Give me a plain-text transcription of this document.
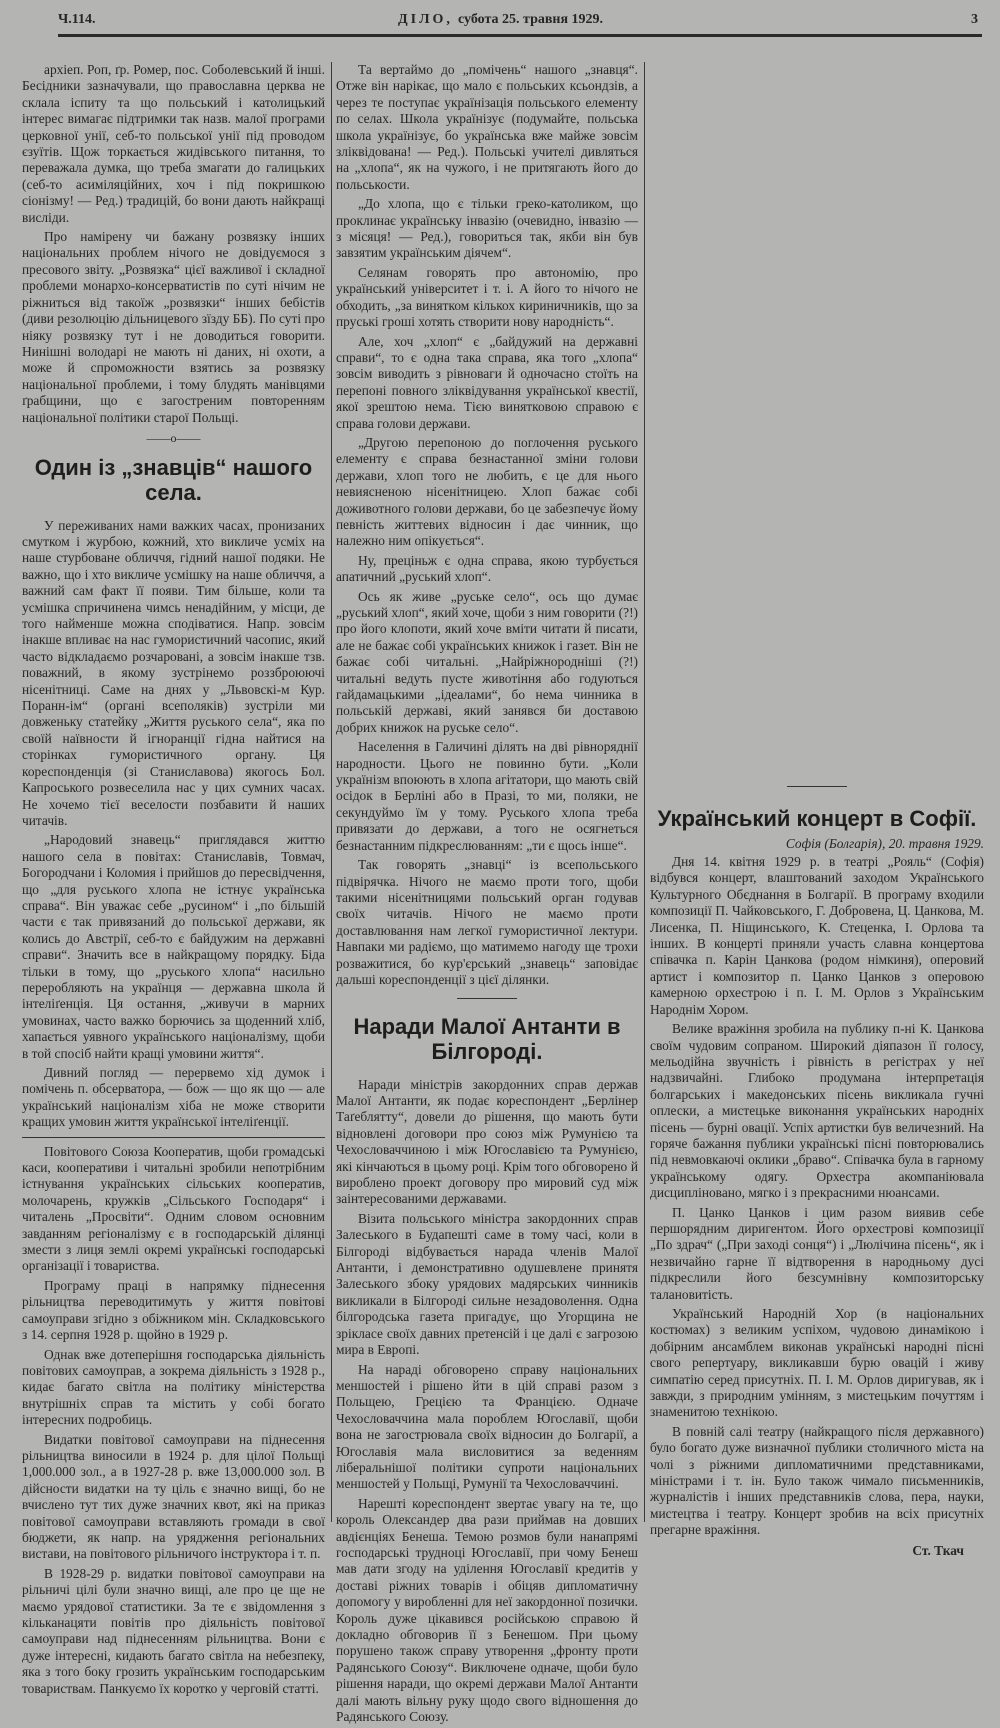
Ч.114.	ДІЛО, субота 25. травня 1929.	3

архіеп. Роп, ґр. Ромер, пос. Соболевський й інші. Бесідники зазначували, що православна церква не склала іспиту та що польський і католицький інтерес вимагає підтримки так назв. малої програми церковної унії, себ-то польської унії під проводом єзуїтів. Щож торкається жидівського питання, то переважала думка, що треба змагати до галицьких (себ-то асиміляційних, хоч і під покришкою сіонізму! — Ред.) традицій, бо вони дають найкращі висліди.

Про намірену чи бажану розвязку інших національних проблем нічого не довідуємося з пресового звіту. „Розвязка“ цієї важливої і складної проблеми монархо-консерватистів по суті нічим не ріжниться від такоїж „розвязки“ інших бебістів (диви резолюцію дільницевого зїзду ББ). По суті про ніяку розвязку тут і не доводиться говорити. Нинішні володарі не мають ні даних, ні охоти, а може й спроможности взятись за розвязку національної проблеми, і тому блудять манівцями ґрабщини, що є загостреним повторенням національної політики старої Польщі.

——o——
Один із „знавців“ нашого села.

У переживаних нами важких часах, пронизаних смутком і журбою, кожний, хто викличе усміх на наше стурбоване обличчя, гідний нашої подяки. Не важно, що і хто викличе усмішку на наше обличчя, а важний сам факт її появи. Тим більше, коли та усмішка спричинена чимсь ненадійним, у місци, де того найменше можна сподіватися. Напр. зовсім інакше впливає на нас гумористичний часопис, який часто відкладаємо розчаровані, а зовсім інакше тзв. поважний, в якому зустрінемо роззброюючі нісенітниці. Саме на днях у „Львовскі-м Кур. Поранн-ім“ (органі всеполяків) зустріли ми довженьку статейку „Життя руського села“, яка по своїй наївности й ігноранції гідна найтися на сторінках гумористичного органу. Ця кореспонденція (зі Станиславова) якогось Бол. Капроського розвеселила нас у цих сумних часах. Не хочемо тієї веселости позбавити й наших читачів.

„Народовий знавець“ приглядався життю нашого села в повітах: Станиславів, Товмач, Богородчани і Коломия і прийшов до пересвідчення, що „для руського хлопа не істнує українська справа“. Він уважає себе „русином“ і „по більшій части є так привязаний до польської держави, як колись до Австрії, себ-то є байдужим на державні справи“. Значить все в найкращому порядку. Біда тільки в тому, що „руського хлопа“ насильно переробляють на українця — державна школа й інтеліґенція. Ця остання, „живучи в марних умовинах, часто важко борючись за щоденний хліб, хапається уявного українського націоналізму, щоби в той спосіб найти кращі умовини життя“.

Дивний погляд — перервемо хід думок і помічень п. обсерватора, — бож — що як що — але український націоналізм хіба не може створити кращих умовин життя української інтеліґенції.

Повітового Союза Кооператив, щоби громадські каси, кооперативи і читальні зробили непотрібним істнування українських сільських кооператив, молочарень, кружків „Сільського Господаря“ і читалень „Просвіти“. Одним словом основним завданням регіоналізму є в господарській ділянці змести з лиця землі окремі українські господарські організації і товариства.

Програму праці в напрямку піднесення рільництва переводитимуть у життя повітові самоуправи згідно з обіжником мін. Складковського з 14. серпня 1928 р. щойно в 1929 р.

Однак вже дотеперішня господарська діяльність повітових самоуправ, а зокрема діяльність з 1928 р., кидає багато світла на політику міністерства внутрішніх справ та містить у собі богато інтересних подробиць.

Видатки повітової самоуправи на піднесення рільництва виносили в 1924 р. для цілої Польщі 1,000.000 зол., а в 1927-28 р. вже 13,000.000 зол. В дійсности видатки на ту ціль є значно вищі, бо не вчислено тут тих дуже значних квот, які на приказ повітової самоуправи вставляють громади в свої бюджети, як напр. на урядження регіональних вистави, на повітового рільничого інструктора і т. п.

В 1928-29 р. видатки повітової самоуправи на рільничі цілі були значно вищі, але про це ще не маємо урядової статистики. За те є звідомлення з кільканацяти повітів про діяльність повітової самоуправи над піднесенням рільництва. Вони є дуже інтересні, кидають багато світла на небезпеку, яка з того боку грозить українським господарським товариствам. Панкуємо їх коротко у черговій статті.

Та вертаймо до „помічень“ нашого „знавця“. Отже він нарікає, що мало є польських ксьондзів, а через те поступає українізація польського елементу по селах. Школа українізує (подумайте, польська школа українізує, бо українська вже майже зовсім зліквідована! — Ред.). Польські учителі дивляться на „хлопа“, як на чужого, і не притягають його до польськости.

„До хлопа, що є тільки греко-католиком, що проклинає українську інвазію (очевидно, інвазію — з місяця! — Ред.), говориться так, якби він був завзятим українським діячем“.

Селянам говорять про автономію, про український університет і т. і. А його то нічого не обходить, „за винятком кількох кириничників, що за пруські гроші хотять створити нову народність“.

Але, хоч „хлоп“ є „байдужий на державні справи“, то є одна така справа, яка того „хлопа“ зовсім виводить з рівноваги й одночасно стоїть на перепоні повного зліквідування української квестії, якої зрештою нема. Тією винятковою справою є справа голови держави.

„Другою перепоною до поглочення руського елементу є справа безнастанної зміни голови держави, хлоп того не любить, є це для нього невиясненою нісенітницею. Хлоп бажає собі доживотного голови держави, бо це забезпечує йому певність життевих відносин і дає чинник, що належно ним опікується“.

Ну, преціньж є одна справа, якою турбується апатичний „руський хлоп“.

Ось як живе „руське село“, ось що думає „руський хлоп“, який хоче, щоби з ним говорити (?!) про його клопоти, який хоче вміти читати й писати, але не бажає собі українських книжок і газет. Він не бажає собі читальні. „Найріжнородніші (?!) читальні ведуть пусте животіння або годуються гайдамацькими „ідеалами“, бо нема чинника в польській державі, який занявся би доставою добрих книжок на руське село“.

Населення в Галичині ділять на дві рівноряднії народности. Цього не повинно бути. „Коли українізм впоюють в хлопа агітатори, що мають свій осідок в Берліні або в Празі, то ми, поляки, не секундуймо їм у тому. Руського хлопа треба привязати до держави, а того не осягнеться безнастанним підкреслюванням: „ти є щось інше“.

Так говорять „знавці“ із всепольського підвірячка. Нічого не маємо проти того, щоби такими нісенітницями польський орган годував своїх читачів. Нічого не маємо проти доставлювання нам легкої гумористичної лектури. Навпаки ми радіємо, що матимемо нагоду ще трохи розважитися, бо кур'єрський „знавець“ заповідає дальші кореспонденції з цієї ділянки.

Наради Малої Антанти в Білгороді.

Наради міністрів закордонних справ держав Малої Антанти, як подає кореспондент „Берлінер Таґеблятту“, довели до рішення, що мають бути відновлені договори про союз між Румунією та Чехословаччиною і між Югославією та Румунією, які кінчаються в цьому році. Крім того обговорено й вироблено проект договору про мировий суд між заінтересованими державами.

Візита польського міністра закордонних справ Залеського в Будапешті саме в тому часі, коли в Білгороді відбувається нарада членів Малої Антанти, і демонстративно одушевлене принятя Залеського збоку урядових мадярських чинників викликали в Білгороді сильне незадоволення. Одна білгородська газета пригадує, що Угорщина не зрікласе своїх давних претенсій і це далі є загрозою мира в Европі.

На нараді обговорено справу національних меншостей і рішено йти в цій справі разом з Польщею, Грецією та Францією. Одначе Чехословаччина мала пороблем Югославії, щоби вона не загострювала своїх відносин до Болгарії, а Югославія мала висловитися за веденням ліберальнішої політики супроти національних меншостей у Польщі, Румунії та Чехословаччині.

Нарешті кореспондент звертає увагу на те, що король Олександер два рази приймав на довших авдієнціях Бенеша. Темою розмов були нанапрямі господарські трудноці Югославії, при чому Бенеш мав дати згоду на уділення Югославії кредитів у доставі ріжних товарів і обіцяв дипломатичну допомогу у виробленні для неї закордонної позички. Король дуже цікавився російською справою й докладно обговорив її з Бенешом. При цьому порушено також справу утворення „фронту проти Радянського Союзу“. Виключене одначе, щоби було рішення наради, що окремі держави Малої Антанти далі мають вільну руку щодо свого відношення до Радянського Союзу.

Український концерт в Софії.
Софія (Болгарія), 20. травня 1929.

Дня 14. квітня 1929 р. в театрі „Рояль“ (Софія) відбувся концерт, влаштований заходом Українського Культурного Обєднання в Болгарії. В програму входили композиції П. Чайковського, Г. Добровена, Ц. Цанкова, М. Лисенка, П. Ніщинського, К. Стеценка, І. Орлова та інших. В концерті приняли участь славна концертова співачка п. Карін Цанкова (родом німкиня), оперовий артист і композитор п. Цанко Цанков з оперовою камерною орхестрою і п. І. М. Орлов з Українським Народнім Хором.

Велике вражіння зробила на публику п-ні К. Цанкова своїм чудовим сопраном. Широкий діяпазон її голосу, мельодійна звучність і рівність в регістрах у неї надзвичайні. Глибоко продумана інтерпретація болгарських і македонських пісень викликала гучні оплески, а мистецьке виконання українських народніх пісень — бурні овації. Успіх артистки був величезний. На горяче бажання публики українські пісні повторювались під невмовкаючі оклики „браво“. Співачка була в гарному українському одягу. Орхестра акомпаніювала дисципліновано, мягко і з прекрасними нюансами.

П. Цанко Цанков і цим разом виявив себе першорядним диригентом. Його орхестрові композиції „По здрач“ („При заході сонця“) і „Люлічина пісень“, як і незвичайно гарне її відтворення в народньому дусі підкреслили його безсумнівну композиторську талановитість.

Український Народній Хор (в національних костюмах) з великим успіхом, чудовою динамікою і добірним ансамблем виконав українські народні пісні свого репертуару, викликавши бурю овацій і живу симпатію серед присутніх. П. І. М. Орлов диригував, як і завжди, з природним умінням, з мистецьким почуттям і знаменитою технікою.

В повній салі театру (найкращого після державного) було богато дуже визначної публики столичного міста на чолі з ріжними дипломатичними представниками, міністрами і т. ін. Було також чимало письменників, журналістів і інших представників слова, пера, науки, мистецтва і театру. Концерт зробив на всіх присутніх прегарне вражіння.

Ст. Ткач
